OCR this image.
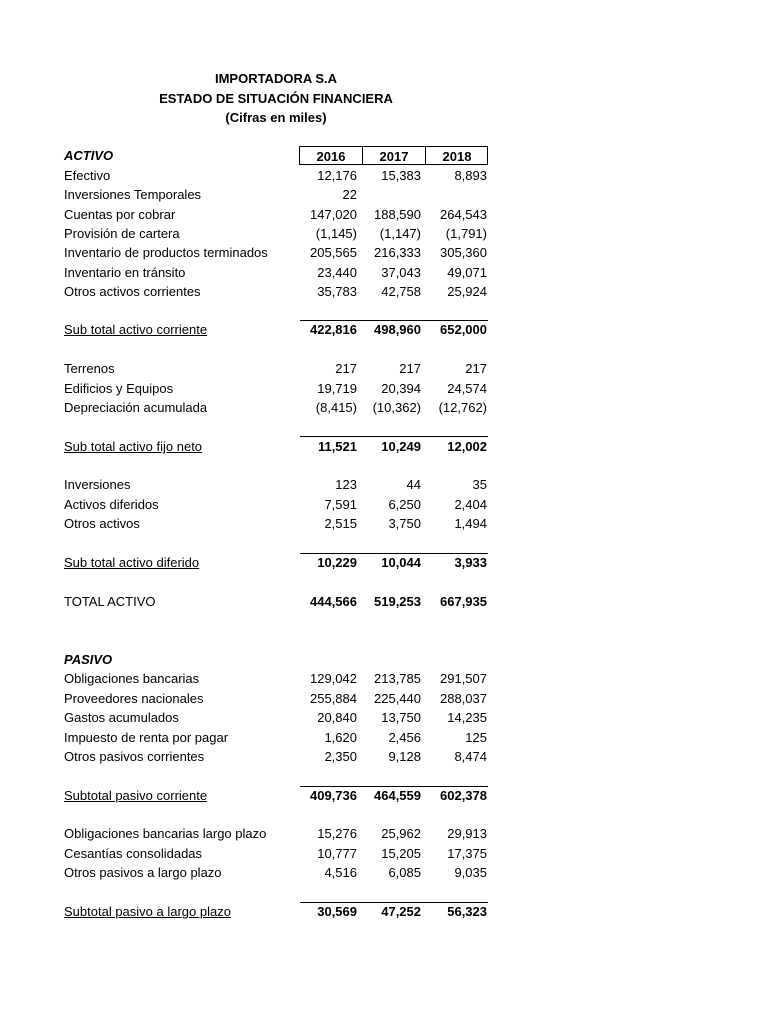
IMPORTADORA S.A
ESTADO DE SITUACIÓN FINANCIERA
(Cifras en miles)
ACTIVO	2016	2017	2018
Efectivo	12,176	15,383	8,893
Inversiones Temporales	22
Cuentas por cobrar	147,020	188,590	264,543
Provisión de cartera	(1,145)	(1,147)	(1,791)
Inventario de productos terminados	205,565	216,333	305,360
Inventario en tránsito	23,440	37,043	49,071
Otros activos corrientes	35,783	42,758	25,924
Sub total activo corriente	422,816	498,960	652,000
Terrenos	217	217	217
Edificios y Equipos	19,719	20,394	24,574
Depreciación acumulada	(8,415)	(10,362)	(12,762)
Sub total activo fijo neto	11,521	10,249	12,002
Inversiones	123	44	35
Activos diferidos	7,591	6,250	2,404
Otros activos	2,515	3,750	1,494
Sub total activo diferido	10,229	10,044	3,933
TOTAL ACTIVO	444,566	519,253	667,935
PASIVO
Obligaciones bancarias	129,042	213,785	291,507
Proveedores nacionales	255,884	225,440	288,037
Gastos acumulados	20,840	13,750	14,235
Impuesto de renta por pagar	1,620	2,456	125
Otros pasivos corrientes	2,350	9,128	8,474
Subtotal pasivo corriente	409,736	464,559	602,378
Obligaciones bancarias largo plazo	15,276	25,962	29,913
Cesantías consolidadas	10,777	15,205	17,375
Otros pasivos a largo plazo	4,516	6,085	9,035
Subtotal pasivo a largo plazo	30,569	47,252	56,323
